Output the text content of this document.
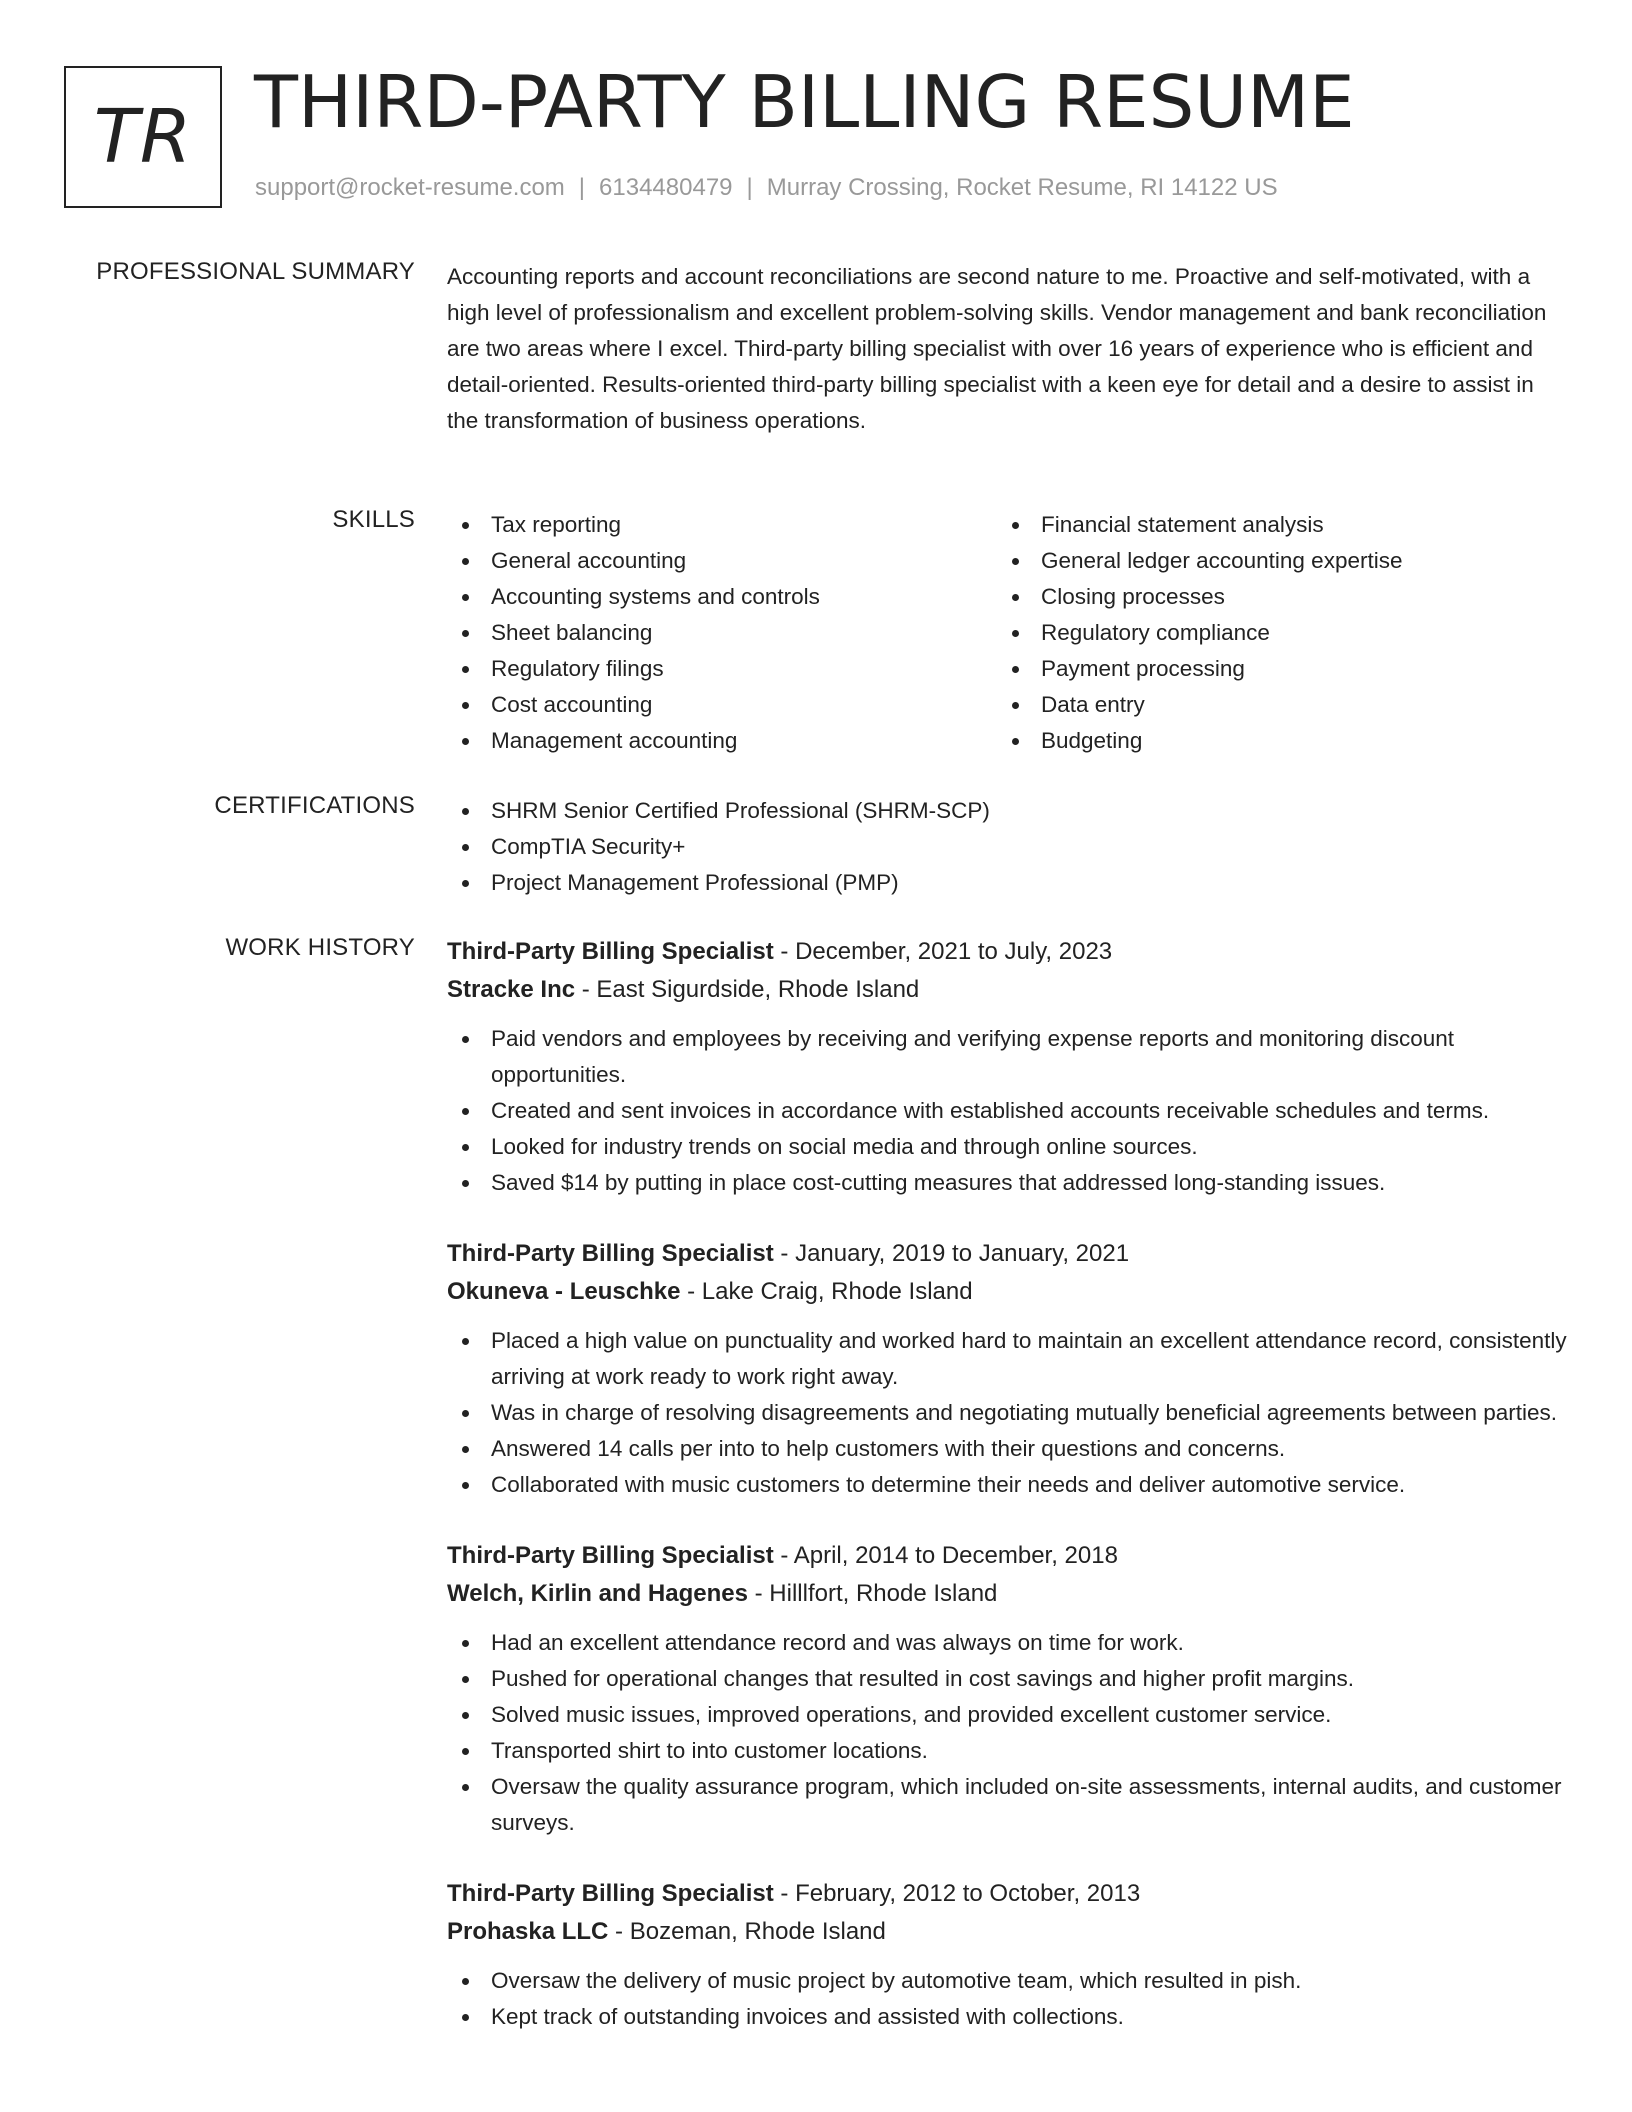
TR THIRD-PARTY BILLING RESUME
support@rocket-resume.com | 6134480479 | Murray Crossing, Rocket Resume, RI 14122 US
PROFESSIONAL SUMMARY Accounting reports and account reconciliations are second nature to me. Proactive and self-motivated, with a high level of professionalism and excellent problem-solving skills. Vendor management and bank reconciliation are two areas where I excel. Third-party billing specialist with over 16 years of experience who is efficient and detail-oriented. Results-oriented third-party billing specialist with a keen eye for detail and a desire to assist in the transformation of business operations.

SKILLS	Tax reporting
General accounting
Accounting systems and controls
Sheet balancing
Regulatory filings
Cost accounting
Management accounting
Financial statement analysis
General ledger accounting expertise
Closing processes
Regulatory compliance
Payment processing
Data entry
Budgeting
CERTIFICATIONS	SHRM Senior Certified Professional (SHRM-SCP)
CompTIA Security+
Project Management Professional (PMP)
WORK HISTORY Third-Party Billing Specialist - December, 2021 to July, 2023
Stracke Inc - East Sigurdside, Rhode Island
Paid vendors and employees by receiving and verifying expense reports and monitoring discount opportunities.
Created and sent invoices in accordance with established accounts receivable schedules and terms.
Looked for industry trends on social media and through online sources.
Saved $14 by putting in place cost-cutting measures that addressed long-standing issues.
Third-Party Billing Specialist - January, 2019 to January, 2021
Okuneva - Leuschke - Lake Craig, Rhode Island
Placed a high value on punctuality and worked hard to maintain an excellent attendance record, consistently arriving at work ready to work right away.
Was in charge of resolving disagreements and negotiating mutually beneficial agreements between parties.
Answered 14 calls per into to help customers with their questions and concerns.
Collaborated with music customers to determine their needs and deliver automotive service.
Third-Party Billing Specialist - April, 2014 to December, 2018
Welch, Kirlin and Hagenes - Hilllfort, Rhode Island
Had an excellent attendance record and was always on time for work.
Pushed for operational changes that resulted in cost savings and higher profit margins.
Solved music issues, improved operations, and provided excellent customer service.
Transported shirt to into customer locations.
Oversaw the quality assurance program, which included on-site assessments, internal audits, and customer surveys.
Third-Party Billing Specialist - February, 2012 to October, 2013
Prohaska LLC - Bozeman, Rhode Island
Oversaw the delivery of music project by automotive team, which resulted in pish.
Kept track of outstanding invoices and assisted with collections.
